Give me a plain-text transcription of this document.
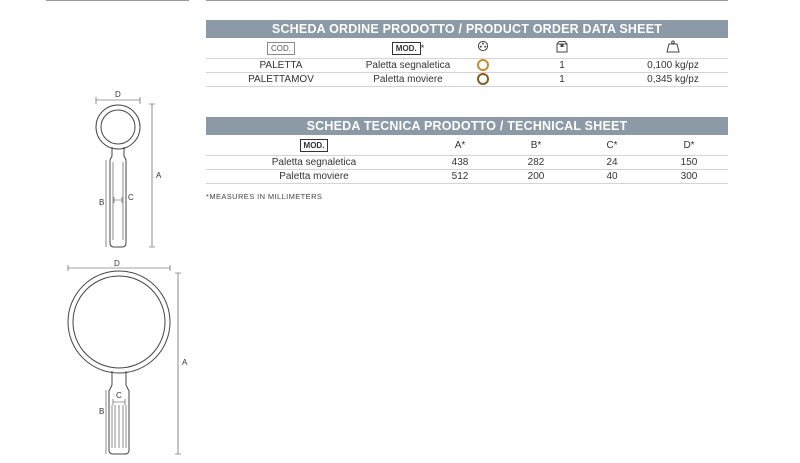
SCHEDA ORDINE PRODOTTO / PRODUCT ORDER DATA SHEET
COD.	MOD. *			
PALETTA	Paletta segnaletica		1	0,100 kg/pz
PALETTAMOV	Paletta moviere		1	0,345 kg/pz
SCHEDA TECNICA PRODOTTO / TECHNICAL SHEET
MOD.	A*	B*	C*	D*
Paletta segnaletica	438	282	24	150
Paletta moviere	512	200	40	300
*MEASURES IN MILLIMETERS
D
A
B
C
D
A
B
C
